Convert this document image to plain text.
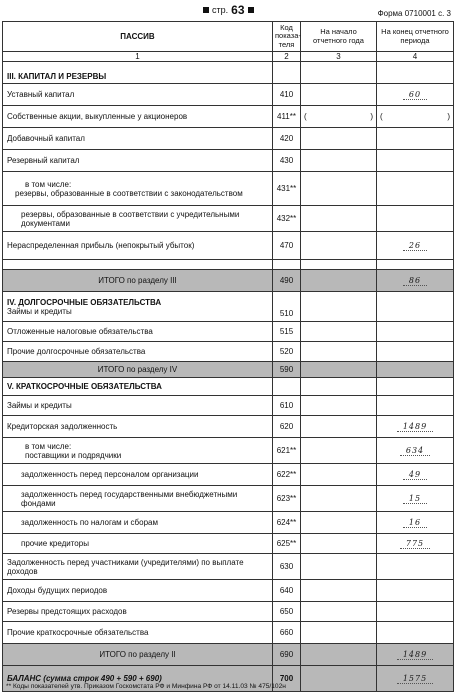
стр. 63	Форма 0710001 с. 3
ПАССИВ	Код показателя	На начало отчетного года	На конец отчетного периода
1	2	3	4
III. КАПИТАЛ И РЕЗЕРВЫ			
Уставный капитал	410		60
Собственные акции, выкупленные у акционеров	411**	( )	( )

Добавочный капитал	420		
Резервный капитал	430		

в том числе:
резервы, образованные в соответствии с законодательством	431**		
резервы, образованные в соответствии с учредительными документами	432**		
Нераспределенная прибыль (непокрытый убыток)	470		26

ИТОГО по разделу III	490		86

IV. ДОЛГОСРОЧНЫЕ ОБЯЗАТЕЛЬСТВА
Займы и кредиты	510		
Отложенные налоговые обязательства	515		
Прочие долгосрочные обязательства	520		
ИТОГО по разделу IV	590		
V. КРАТКОСРОЧНЫЕ ОБЯЗАТЕЛЬСТВА			
Займы и кредиты	610		
Кредиторская задолженность	620		1489

в том числе:
поставщики и подрядчики	621**		634
задолженность перед персоналом организации	622**		49
задолженность перед государственными внебюджетными фондами	623**		15
задолженность по налогам и сборам	624**		16
прочие кредиторы	625**		775
Задолженность перед участниками (учредителями) по выплате доходов	630		
Доходы будущих периодов	640		
Резервы предстоящих расходов	650		
Прочие краткосрочные обязательства	660		
ИТОГО по разделу II	690		1489
БАЛАНС (сумма строк 490 + 590 + 690)	700		1575
** Коды показателей утв. Приказом Госкомстата РФ и Минфина РФ от 14.11.03 № 475/102н
